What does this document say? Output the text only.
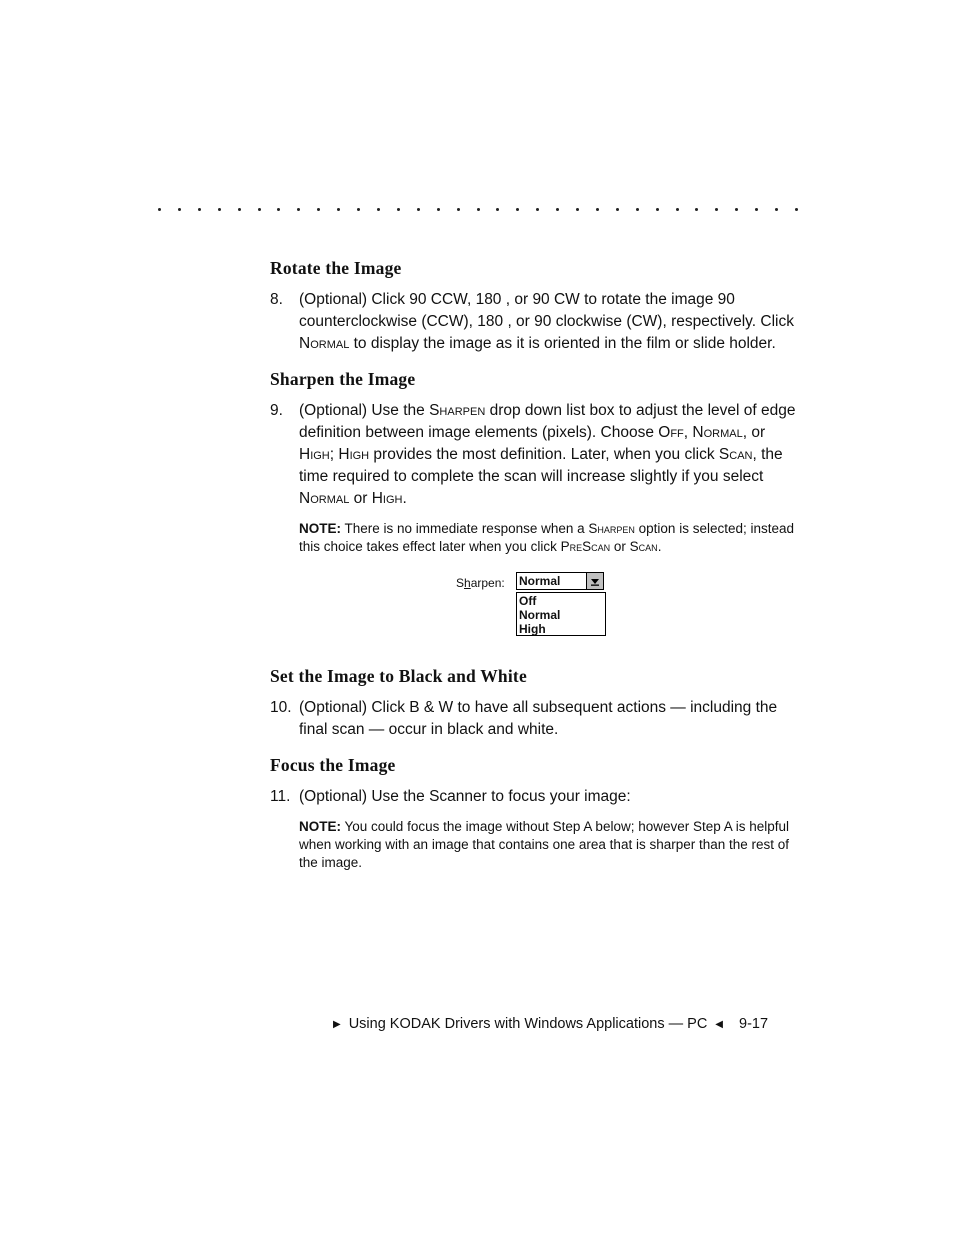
Rotate the Image
8.	(Optional) Click 90 CCW, 180 , or 90 CW to rotate the image 90 counterclockwise (CCW), 180 , or 90 clockwise (CW), respectively. Click Normal to display the image as it is oriented in the film or slide holder.
Sharpen the Image
9.	(Optional) Use the Sharpen drop down list box to adjust the level of edge definition between image elements (pixels). Choose Off, Normal, or High; High provides the most definition. Later, when you click Scan, the time required to complete the scan will increase slightly if you select Normal or High.
NOTE: There is no immediate response when a Sharpen option is selected; instead this choice takes effect later when you click PreScan or Scan.
Sharpen: Normal
Off
Normal
High
Set the Image to Black and White
10. (Optional) Click B & W to have all subsequent actions — including the final scan — occur in black and white.
Focus the Image
11. (Optional) Use the Scanner to focus your image:
NOTE: You could focus the image without Step A below; however Step A is helpful when working with an image that contains one area that is sharper than the rest of the image.
▶ Using KODAK Drivers with Windows Applications — PC ◀ 9-17
